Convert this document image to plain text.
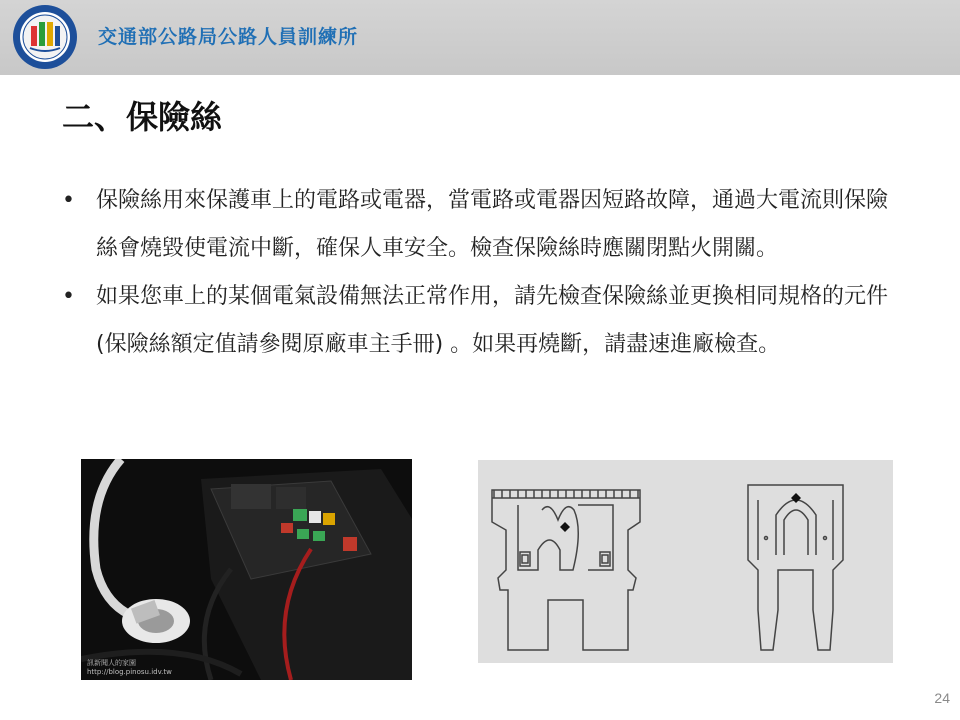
交通部公路局公路人員訓練所
二、保險絲
• 保險絲用來保護車上的電路或電器，當電路或電器因短路故障，通過大電流則保險絲會燒毀使電流中斷，確保人車安全。檢查保險絲時應關閉點火開關。
• 如果您車上的某個電氣設備無法正常作用，請先檢查保險絲並更換相同規格的元件(保險絲額定值請參閱原廠車主手冊) 。如果再燒斷，請盡速進廠檢查。
訊新聞人的家園
http://blog.pinosu.idv.tw
24
